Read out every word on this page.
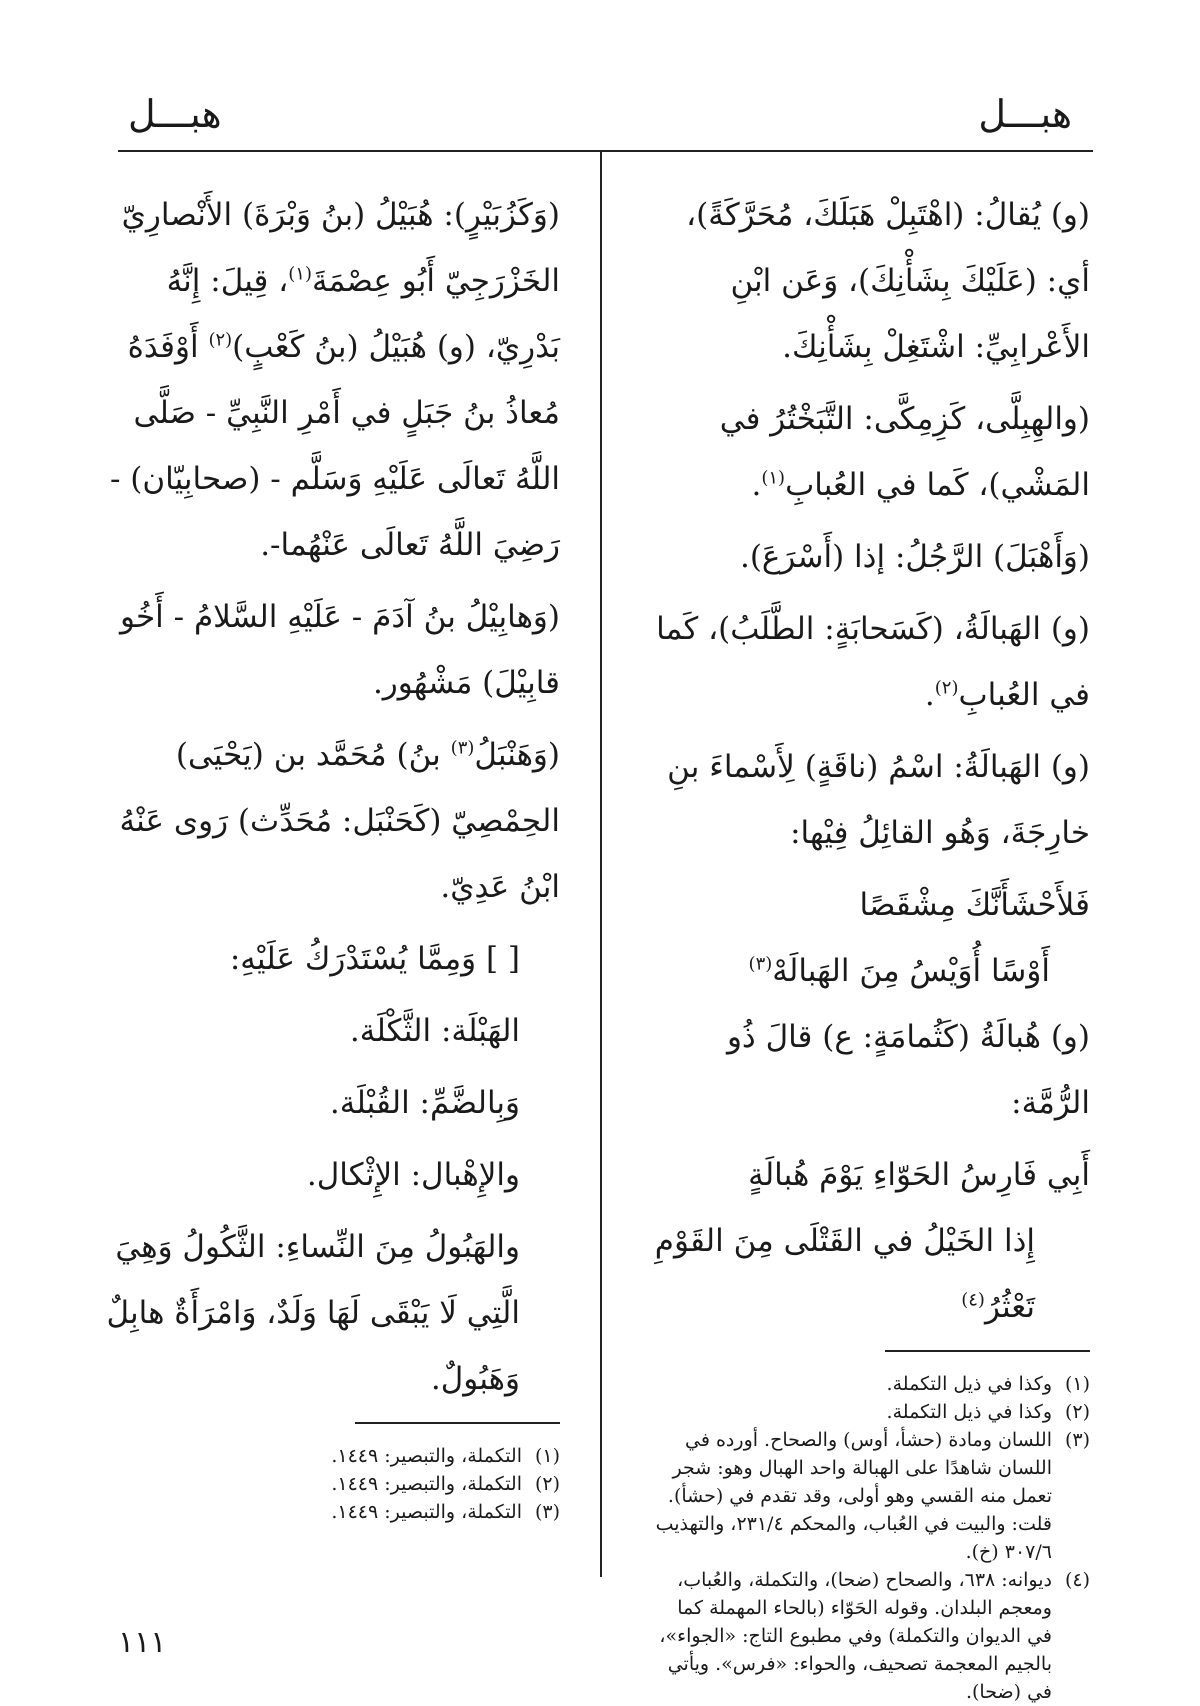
هبـــل
هبـــل

(و) يُقالُ: (اهْتَبِلْ هَبَلَكَ، مُحَرَّكَةً)، أي: (عَلَيْكَ بِشَأْنِكَ)، وَعَن ابْنِ الأَعْرابِيِّ: اشْتَغِلْ بِشَأْنِكَ.

(والهِبِلَّى، كَزِمِكَّى: التَّبَخْتُرُ في المَشْي)، كَما في العُبابِ$^{(١)}$.

(وَأَهْبَلَ) الرَّجُلُ: إذا (أَسْرَعَ).

(و) الهَبالَةُ، (كَسَحابَةٍ: الطَّلَبُ)، كَما في العُبابِ$^{(٢)}$.

(و) الهَبالَةُ: اسْمُ (ناقَةٍ) لِأَسْماءَ بنِ خارِجَةَ، وَهُو القائِلُ فِيْها:

فَلأَحْشَأَنَّكَ مِشْقَصًا
أَوْسًا أُوَيْسُ مِنَ الهَبالَهْ$^{(٣)}$

(و) هُبالَةُ (كَثُمامَةٍ: ع) قالَ ذُو الرُّمَّة:

أَبِي فَارِسُ الحَوّاءِ يَوْمَ هُبالَةٍ
إِذا الخَيْلُ في القَتْلَى مِنَ القَوْمِ تَعْثُرُ$^{(٤)}$
(١)
وكذا في ذيل التكملة.
(٢)
وكذا في ذيل التكملة.
(٣)
اللسان ومادة (حشأ، أوس) والصحاح. أورده في اللسان شاهدًا على الهبالة واحد الهبال وهو: شجر تعمل منه القسي وهو أولى، وقد تقدم في (حشأ). قلت: والبيت في العُباب، والمحكم ٢٣١/٤، والتهذيب ٣٠٧/٦ (خ).
(٤)
ديوانه: ٦٣٨، والصحاح (ضحا)، والتكملة، والعُباب، ومعجم البلدان. وقوله الحَوّاء (بالحاء المهملة كما في الديوان والتكملة) وفي مطبوع التاج: «الجواء»، بالجيم المعجمة تصحيف، والحواء: «فرس». ويأتي في (ضحا).

(وَكَزُبَيْرٍ): هُبَيْلُ (بنُ وَبْرَةَ) الأَنْصارِيّ الخَزْرَجِيّ أَبُو عِصْمَةَ$^{(١)}$، قِيلَ: إِنَّهُ بَدْرِيّ، (و) هُبَيْلُ (بنُ كَعْبٍ)$^{(٢)}$ أَوْفَدَهُ مُعاذُ بنُ جَبَلٍ في أَمْرِ النَّبِيِّ - صَلَّى اللَّهُ تَعالَى عَلَيْهِ وَسَلَّم - (صحابِيّان) - رَضِيَ اللَّهُ تَعالَى عَنْهُما-.

(وَهابِيْلُ بنُ آدَمَ - عَلَيْهِ السَّلامُ - أَخُو قابِيْلَ) مَشْهُور.

(وَهَنْبَلُ$^{(٣)}$ بنُ) مُحَمَّد بن (يَحْيَى) الحِمْصِيّ (كَحَنْبَل: مُحَدِّث) رَوى عَنْهُ ابْنُ عَدِيّ.

[ ] وَمِمَّا يُسْتَدْرَكُ عَلَيْهِ:

الهَبْلَة: الثَّكْلَة.

وَبِالضَّمِّ: القُبْلَة.

والإِهْبال: الإِثْكال.

والهَبُولُ مِنَ النِّساءِ: الثَّكُولُ وَهِيَ الَّتِي لَا يَبْقَى لَهَا وَلَدٌ، وَامْرَأَةٌ هابِلٌ وَهَبُولٌ.

(١)
التكملة، والتبصير: ١٤٤٩.
(٢)
التكملة، والتبصير: ١٤٤٩.
(٣)
التكملة، والتبصير: ١٤٤٩.
١١١
